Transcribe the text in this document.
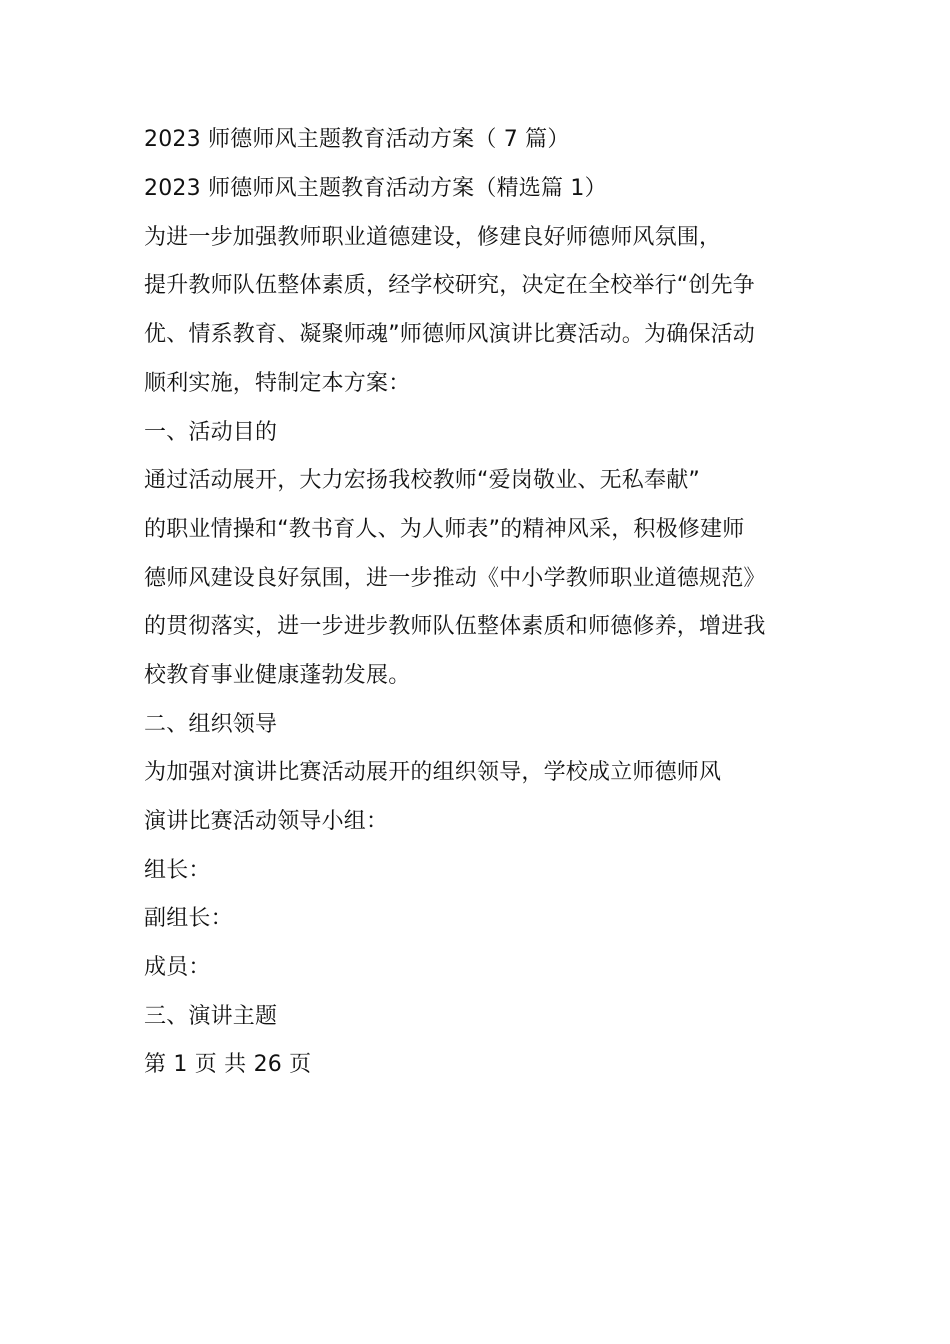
2023 师德师风主题教育活动方案（ 7 篇）
2023 师德师风主题教育活动方案（精选篇 1）
为进一步加强教师职业道德建设，修建良好师德师风氛围，
提升教师队伍整体素质，经学校研究，决定在全校举行“创先争
优、情系教育、凝聚师魂”师德师风演讲比赛活动。为确保活动
顺利实施，特制定本方案：
一、活动目的
通过活动展开，大力宏扬我校教师“爱岗敬业、无私奉献”
的职业情操和“教书育人、为人师表”的精神风采，积极修建师
德师风建设良好氛围，进一步推动《中小学教师职业道德规范》
的贯彻落实，进一步进步教师队伍整体素质和师德修养，增进我
校教育事业健康蓬勃发展。
二、组织领导
为加强对演讲比赛活动展开的组织领导，学校成立师德师风
演讲比赛活动领导小组：
组长：
副组长：
成员：
三、演讲主题
第 1 页 共 26 页
